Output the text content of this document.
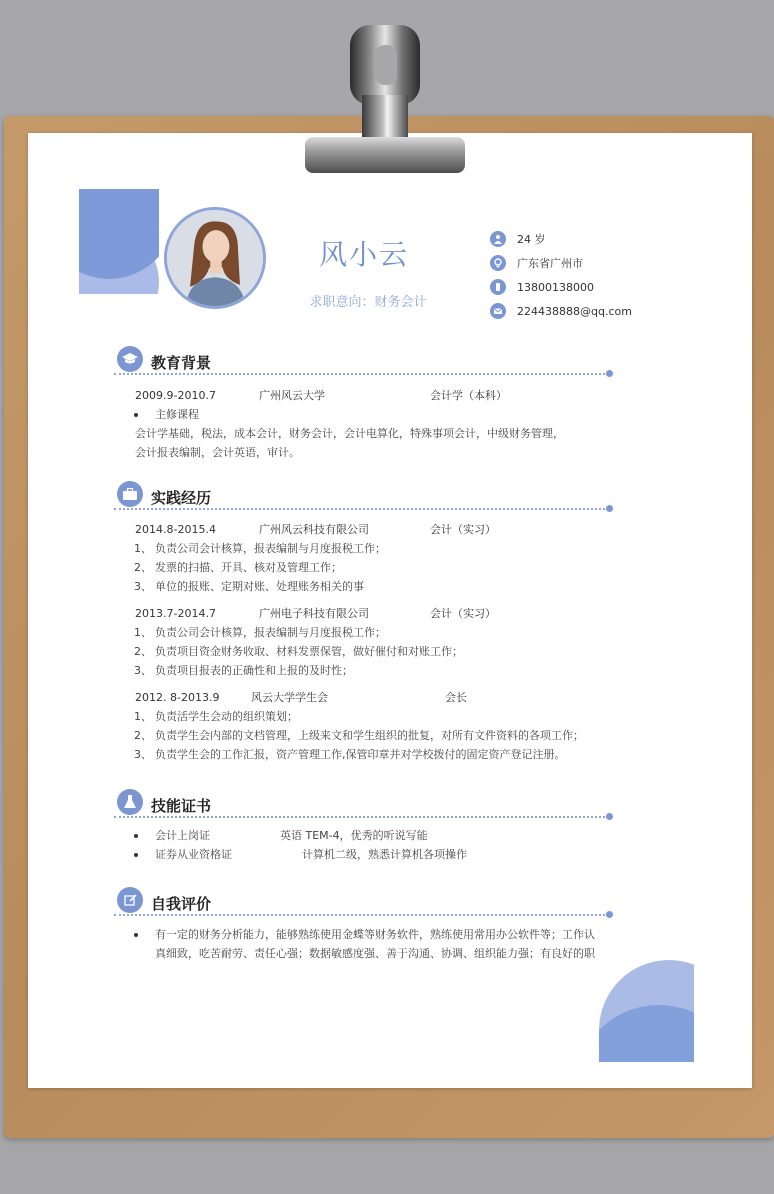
风小云
求职意向：财务会计
24 岁
广东省广州市
13800138000
224438888@qq.com
教育背景
2009.9-2010.7	广州风云大学	会计学（本科）
主修课程
会计学基础，税法，成本会计，财务会计，会计电算化，特殊事项会计，中级财务管理，
会计报表编制，会计英语，审计。
实践经历
2014.8-2015.4	广州风云科技有限公司	会计（实习）
1、 负责公司会计核算，报表编制与月度报税工作；
2、 发票的扫描、开具、核对及管理工作；
3、 单位的报账、定期对账、处理账务相关的事
2013.7-2014.7	广州电子科技有限公司	会计（实习）
1、 负责公司会计核算，报表编制与月度报税工作；
2、 负责项目资金财务收取、材料发票保管，做好催付和对账工作；
3、 负责项目报表的正确性和上报的及时性；
2012. 8-2013.9	风云大学学生会	会长
1、 负责活学生会动的组织策划；
2、 负责学生会内部的文档管理，上级来文和学生组织的批复，对所有文件资料的各项工作；
3、 负责学生会的工作汇报，资产管理工作,保管印章并对学校拨付的固定资产登记注册。
技能证书
会计上岗证	英语 TEM-4，优秀的听说写能
证券从业资格证	计算机二级，熟悉计算机各项操作
自我评价
有一定的财务分析能力，能够熟练使用金蝶等财务软件，熟练使用常用办公软件等；工作认
真细致，吃苦耐劳、责任心强；数据敏感度强、善于沟通、协调、组织能力强；有良好的职
